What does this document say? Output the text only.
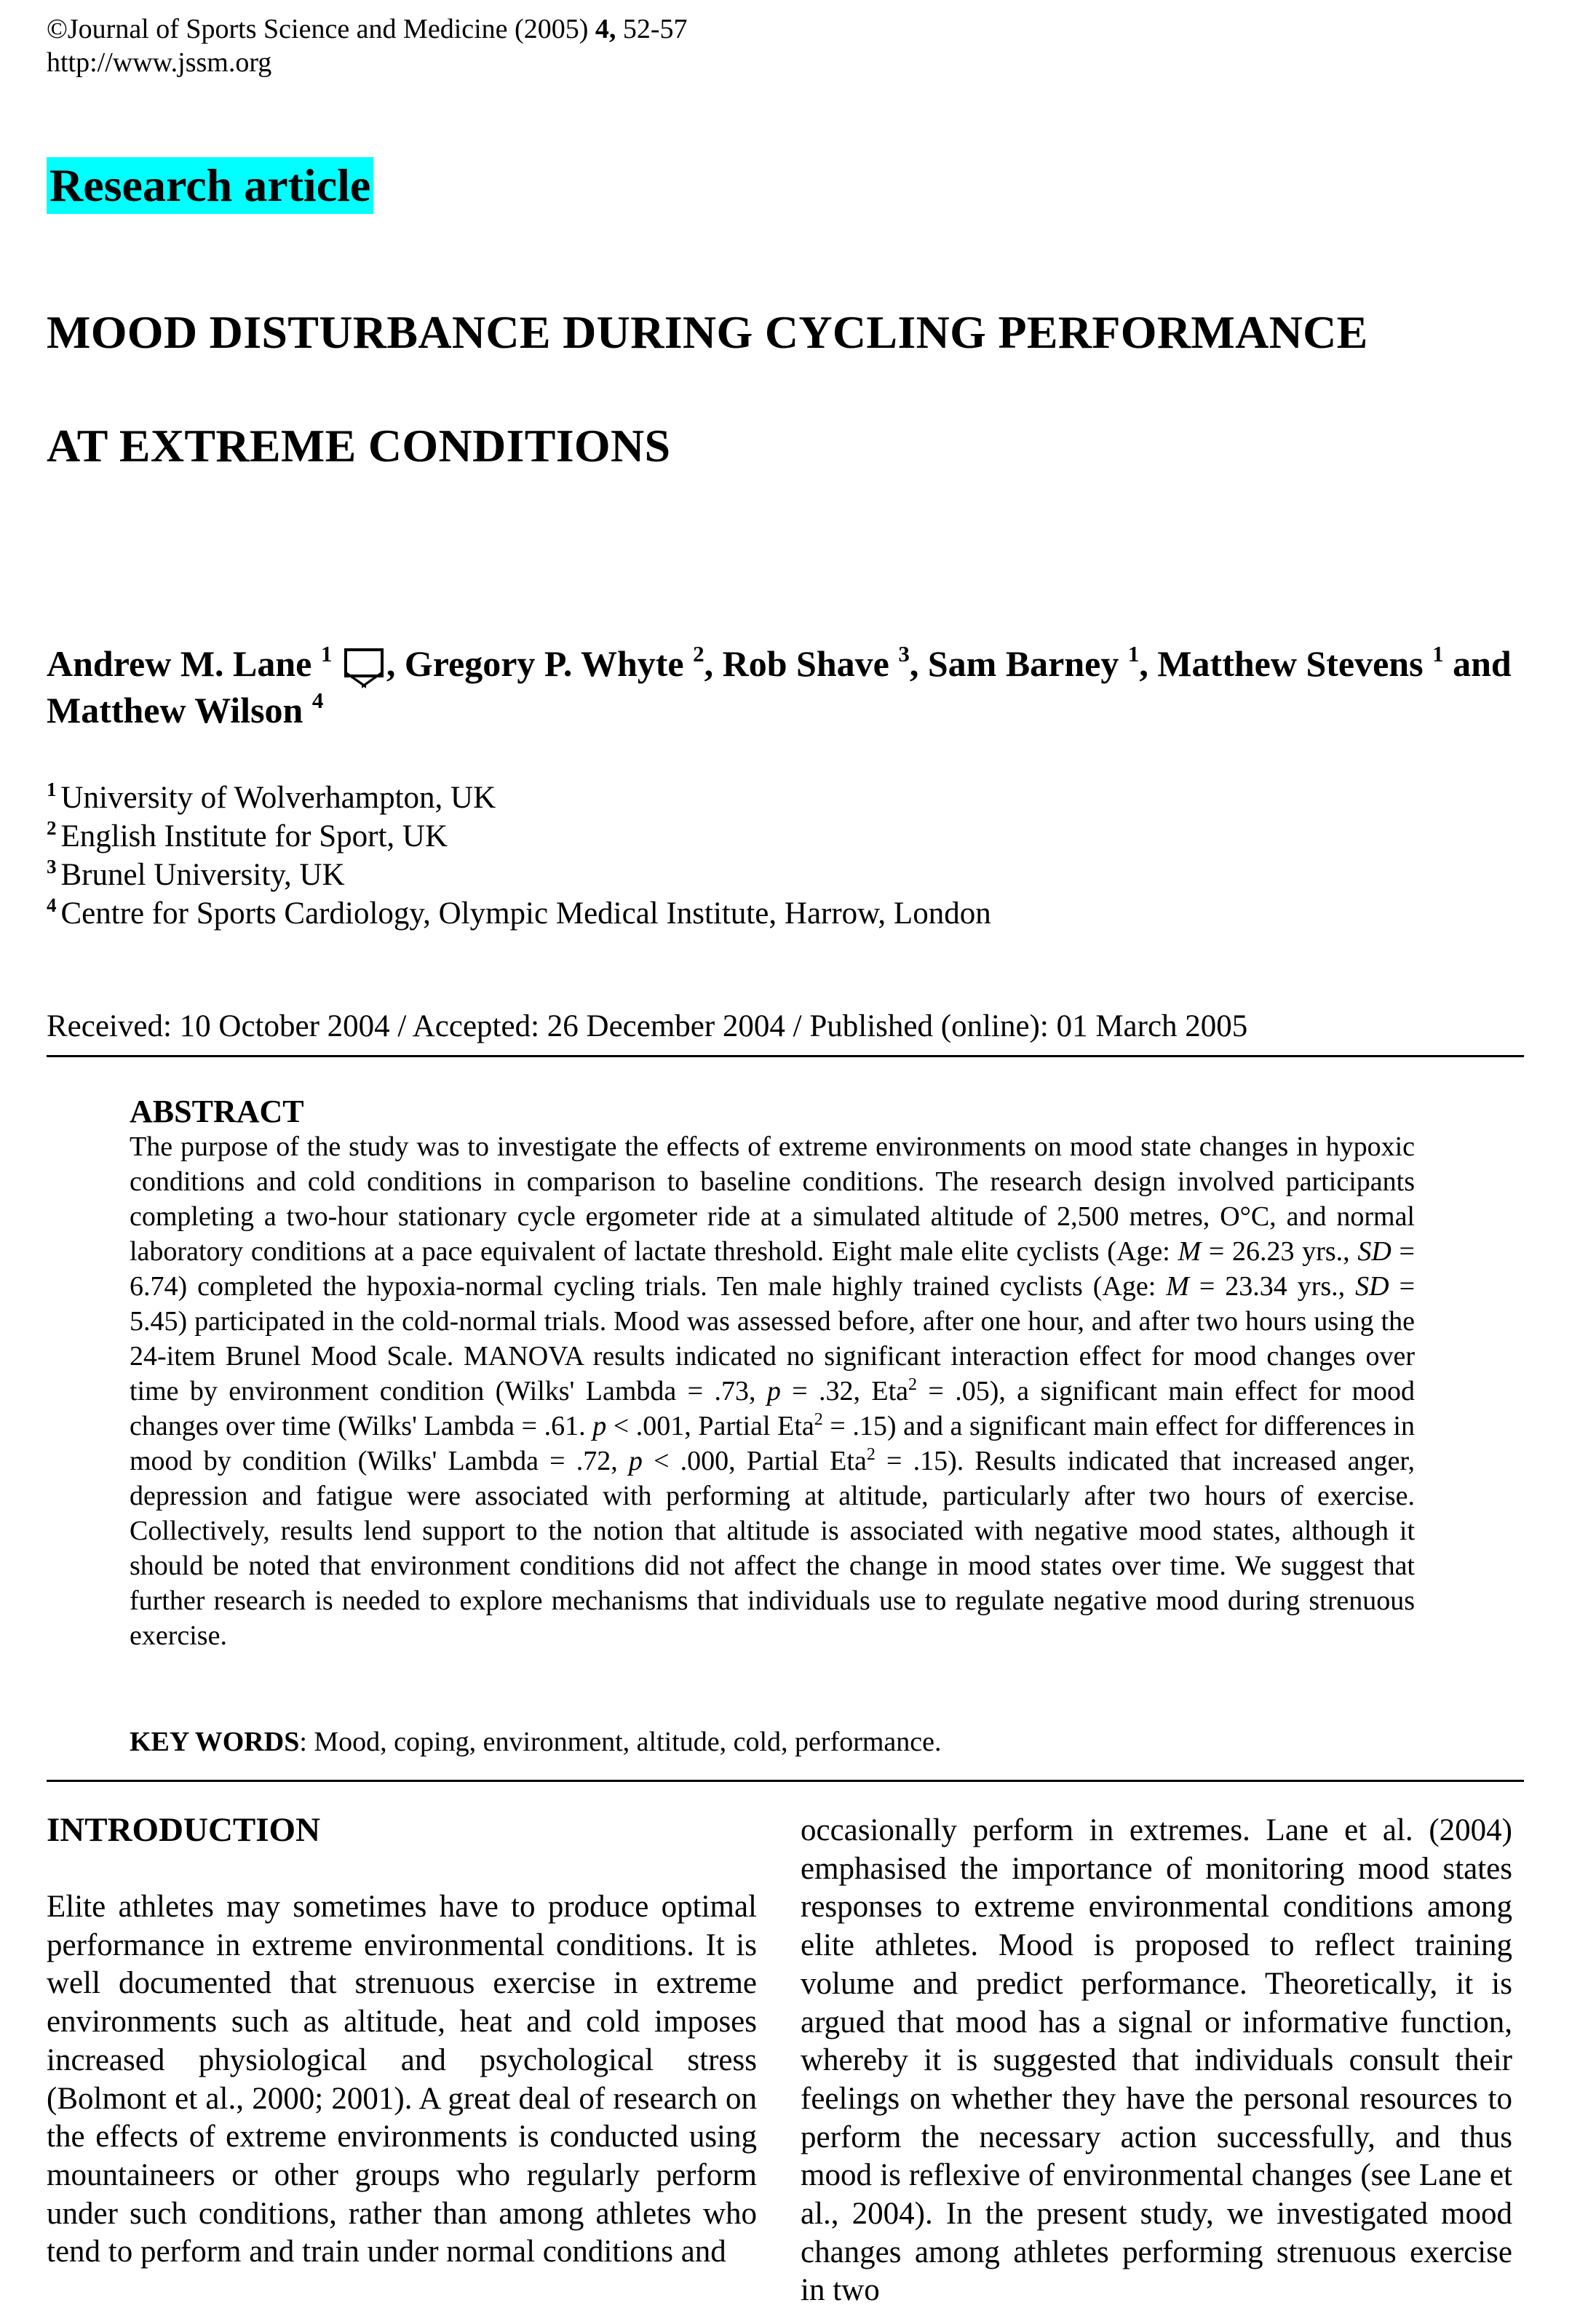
©Journal of Sports Science and Medicine (2005) 4, 52-57
http://www.jssm.org
Research article
MOOD DISTURBANCE DURING CYCLING PERFORMANCE
AT EXTREME CONDITIONS
Andrew M. Lane $^1$ , Gregory P. Whyte $^2$, Rob Shave $^3$, Sam Barney $^1$, Matthew Stevens $^1$ and Matthew Wilson $^4$
$^1$ University of Wolverhampton, UK
$^2$ English Institute for Sport, UK
$^3$ Brunel University, UK
$^4$ Centre for Sports Cardiology, Olympic Medical Institute, Harrow, London
Received: 10 October 2004 / Accepted: 26 December 2004 / Published (online): 01 March 2005
ABSTRACT

The purpose of the study was to investigate the effects of extreme environments on mood state changes in hypoxic conditions and cold conditions in comparison to baseline conditions. The research design involved participants completing a two-hour stationary cycle ergometer ride at a simulated altitude of 2,500 metres, O°C, and normal laboratory conditions at a pace equivalent of lactate threshold. Eight male elite cyclists (Age: M = 26.23 yrs., SD = 6.74) completed the hypoxia-normal cycling trials. Ten male highly trained cyclists (Age: M = 23.34 yrs., SD = 5.45) participated in the cold-normal trials. Mood was assessed before, after one hour, and after two hours using the 24-item Brunel Mood Scale. MANOVA results indicated no significant interaction effect for mood changes over time by environment condition (Wilks' Lambda = .73, p = .32, Eta$^2$ = .05), a significant main effect for mood changes over time (Wilks' Lambda = .61. p < .001, Partial Eta$^2$ = .15) and a significant main effect for differences in mood by condition (Wilks' Lambda = .72, p < .000, Partial Eta$^2$ = .15). Results indicated that increased anger, depression and fatigue were associated with performing at altitude, particularly after two hours of exercise. Collectively, results lend support to the notion that altitude is associated with negative mood states, although it should be noted that environment conditions did not affect the change in mood states over time. We suggest that further research is needed to explore mechanisms that individuals use to regulate negative mood during strenuous exercise.

KEY WORDS: Mood, coping, environment, altitude, cold, performance.
INTRODUCTION

Elite athletes may sometimes have to produce optimal performance in extreme environmental conditions. It is well documented that strenuous exercise in extreme environments such as altitude, heat and cold imposes increased physiological and psychological stress (Bolmont et al., 2000; 2001). A great deal of research on the effects of extreme environments is conducted using mountaineers or other groups who regularly perform under such conditions, rather than among athletes who tend to perform and train under normal conditions and

occasionally perform in extremes. Lane et al. (2004) emphasised the importance of monitoring mood states responses to extreme environmental conditions among elite athletes. Mood is proposed to reflect training volume and predict performance. Theoretically, it is argued that mood has a signal or informative function, whereby it is suggested that individuals consult their feelings on whether they have the personal resources to perform the necessary action successfully, and thus mood is reflexive of environmental changes (see Lane et al., 2004). In the present study, we investigated mood changes among athletes performing strenuous exercise in two
